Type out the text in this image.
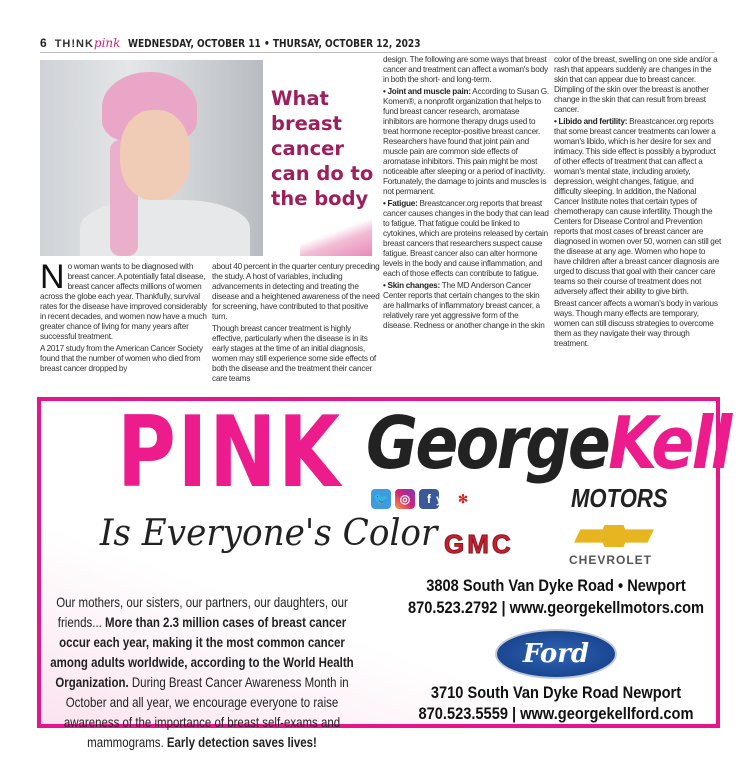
6 TH!NKpink WEDNESDAY, OCTOBER 11 • THURSAY, OCTOBER 12, 2023
What
breast
cancer
can do to
the body

No woman wants to be diagnosed with breast cancer. A potentially fatal disease, breast cancer affects millions of women across the globe each year. Thankfully, survival rates for the disease have improved considerably in recent decades, and women now have a much greater chance of living for many years after successful treatment.

A 2017 study from the American Cancer Society found that the number of women who died from breast cancer dropped by

about 40 percent in the quarter century preceding the study. A host of variables, including advancements in detecting and treating the disease and a heightened awareness of the need for screening, have contributed to that positive turn.

Though breast cancer treatment is highly effective, particularly when the disease is in its early stages at the time of an initial diagnosis, women may still experience some side effects of both the disease and the treatment their cancer care teams

design. The following are some ways that breast cancer and treatment can affect a woman's body in both the short- and long-term.

• Joint and muscle pain: According to Susan G. Komen®, a nonprofit organization that helps to fund breast cancer research, aromatase inhibitors are hormone therapy drugs used to treat hormone receptor-positive breast cancer. Researchers have found that joint pain and muscle pain are common side effects of aromatase inhibitors. This pain might be most noticeable after sleeping or a period of inactivity. Fortunately, the damage to joints and muscles is not permanent.

• Fatigue: Breastcancer.org reports that breast cancer causes changes in the body that can lead to fatigue. That fatigue could be linked to cytokines, which are proteins released by certain breast cancers that researchers suspect cause fatigue. Breast cancer also can alter hormone levels in the body and cause inflammation, and each of those effects can contribute to fatigue.

• Skin changes: The MD Anderson Cancer Center reports that certain changes to the skin are hallmarks of inflammatory breast cancer, a relatively rare yet aggressive form of the disease. Redness or another change in the skin

color of the breast, swelling on one side and/or a rash that appears suddenly are changes in the skin that can appear due to breast cancer. Dimpling of the skin over the breast is another change in the skin that can result from breast cancer.

• Libido and fertility: Breastcancer.org reports that some breast cancer treatments can lower a woman's libido, which is her desire for sex and intimacy. This side effect is possibly a byproduct of other effects of treatment that can affect a woman's mental state, including anxiety, depression, weight changes, fatigue, and difficulty sleeping. In addition, the National Cancer Institute notes that certain types of chemotherapy can cause infertility. Though the Centers for Disease Control and Prevention reports that most cases of breast cancer are diagnosed in women over 50, women can still get the disease at any age. Women who hope to have children after a breast cancer diagnosis are urged to discuss that goal with their cancer care teams so their course of treatment does not adversely affect their ability to give birth.

Breast cancer affects a woman's body in various ways. Though many effects are temporary, women can still discuss strategies to overcome them as they navigate their way through treatment.

PINK
Is Everyone's Color
Our mothers, our sisters, our partners, our daughters, our friends... More than 2.3 million cases of breast cancer occur each year, making it the most common cancer among adults worldwide, according to the World Health Organization. During Breast Cancer Awareness Month in October and all year, we encourage everyone to raise awareness of the importance of breast self-exams and mammograms. Early detection saves lives!
GeorgeKell
MOTORS
🐦 ◎	f yelp
✻
GMC
CHEVROLET
3808 South Van Dyke Road • Newport
870.523.2792 | www.georgekellmotors.com
Ford
3710 South Van Dyke Road Newport
870.523.5559 | www.georgekellford.com
